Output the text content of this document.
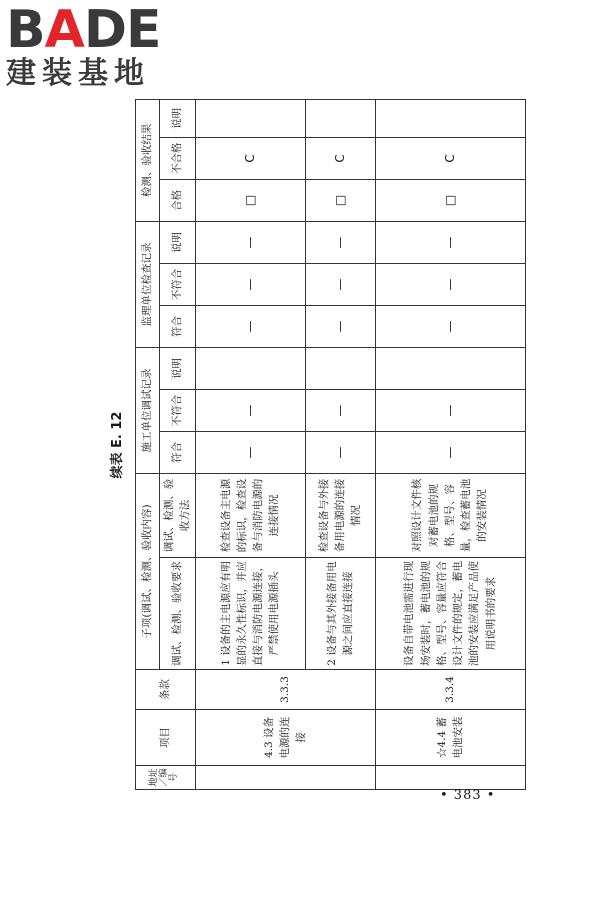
BADE
建装基地
续表 E. 12
地址／编号	项目	条款	子项(调试、检测、验收内容)		施工单位调试记录			监理单位检查记录			检测、验收结果		
			调试、检测、验收要求	调试、检测、验收方法	符合	不符合	说明	符合	不符合	说明	合格	不合格	说明
	4.3 设备电源的连接	3.3.3	1 设备的主电源应有明显的永久性标识，并应直接与消防电源连接，严禁使用电源插头	检查设备主电源的标识，检查设备与消防电源的连接情况	—	—		—	—	—	□	C	
			2 设备与其外接备用电源之间应直接连接	检查设备与外接备用电源的连接情况	—	—		—	—	—	□	C	
	☆4.4 蓄电池安装	3.3.4	设备自带电池需进行现场安装时，蓄电池的规格、型号、容量应符合设计文件的规定，蓄电池的安装应满足产品使用说明书的要求	对照设计文件核对蓄电池的规格、型号、容量，检查蓄电池的安装情况	—	—		—	—	—	□	C	
• 383 •
